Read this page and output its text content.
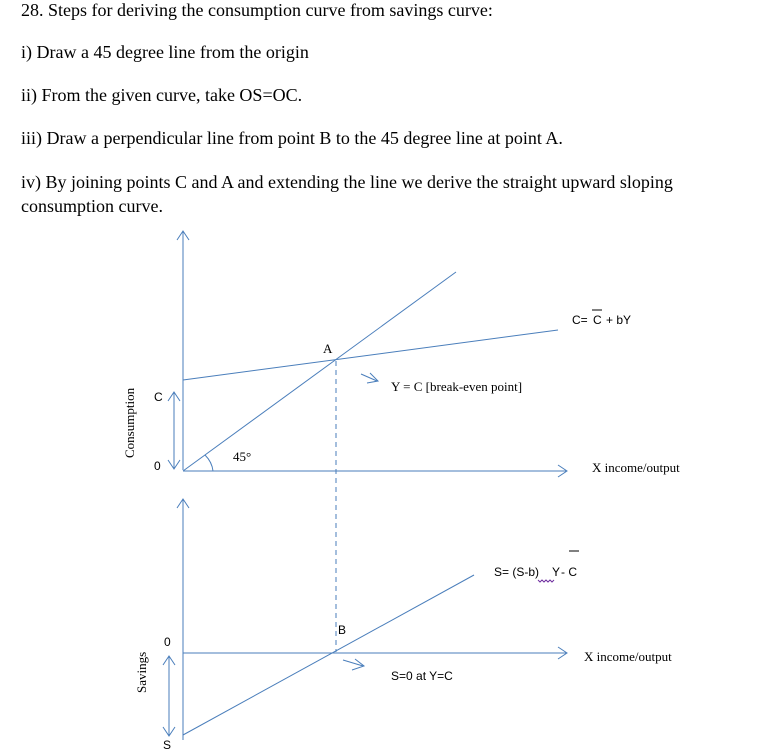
28. Steps for deriving the consumption curve from savings curve:
i) Draw a 45 degree line from the origin
ii) From the given curve, take OS=OC.
iii) Draw a perpendicular line from point B to the 45 degree line at point A.
iv) By joining points C and A and extending the line we derive the straight upward sloping consumption curve.
A
C
0
45°
X income/output
Y = C [break-even point]
C= C + bY
Consumption
0
S
B
X income/output
S=0 at Y=C
S= (S-b) Y - C
Savings
